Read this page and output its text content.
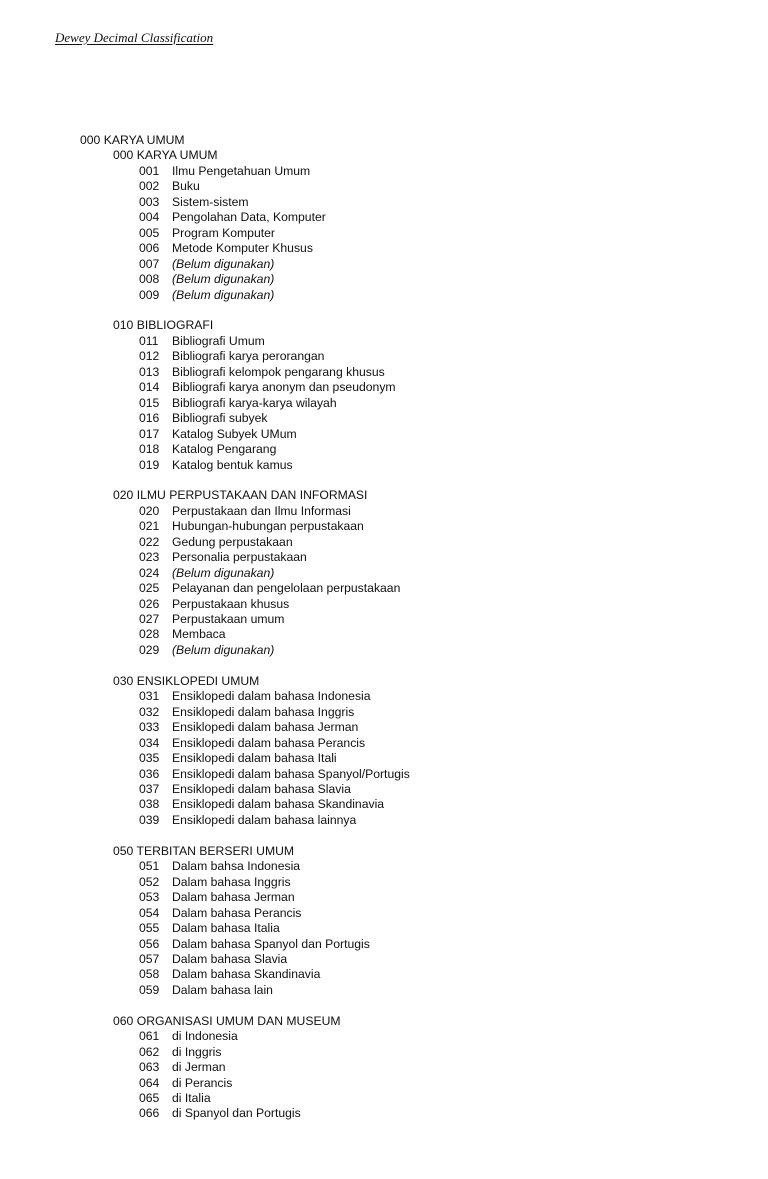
Dewey Decimal Classification
000 KARYA UMUM
000 KARYA UMUM
001	Ilmu Pengetahuan Umum
002	Buku
003	Sistem-sistem
004	Pengolahan Data, Komputer
005	Program Komputer
006	Metode Komputer Khusus
007	(Belum digunakan)
008	(Belum digunakan)
009	(Belum digunakan)
010 BIBLIOGRAFI
011	Bibliografi Umum
012	Bibliografi karya perorangan
013	Bibliografi kelompok pengarang khusus
014	Bibliografi karya anonym dan pseudonym
015	Bibliografi karya-karya wilayah
016	Bibliografi subyek
017	Katalog Subyek UMum
018	Katalog Pengarang
019	Katalog bentuk kamus
020 ILMU PERPUSTAKAAN DAN INFORMASI
020	Perpustakaan dan Ilmu Informasi
021	Hubungan-hubungan perpustakaan
022	Gedung perpustakaan
023	Personalia perpustakaan
024	(Belum digunakan)
025	Pelayanan dan pengelolaan perpustakaan
026	Perpustakaan khusus
027	Perpustakaan umum
028	Membaca
029	(Belum digunakan)
030 ENSIKLOPEDI UMUM
031	Ensiklopedi dalam bahasa Indonesia
032	Ensiklopedi dalam bahasa Inggris
033	Ensiklopedi dalam bahasa Jerman
034	Ensiklopedi dalam bahasa Perancis
035	Ensiklopedi dalam bahasa Itali
036	Ensiklopedi dalam bahasa Spanyol/Portugis
037	Ensiklopedi dalam bahasa Slavia
038	Ensiklopedi dalam bahasa Skandinavia
039	Ensiklopedi dalam bahasa lainnya
050 TERBITAN BERSERI UMUM
051	Dalam bahsa Indonesia
052	Dalam bahasa Inggris
053	Dalam bahasa Jerman
054	Dalam bahasa Perancis
055	Dalam bahasa Italia
056	Dalam bahasa Spanyol dan Portugis
057	Dalam bahasa Slavia
058	Dalam bahasa Skandinavia
059	Dalam bahasa lain
060 ORGANISASI UMUM DAN MUSEUM
061	di Indonesia
062	di Inggris
063	di Jerman
064	di Perancis
065	di Italia
066	di Spanyol dan Portugis
